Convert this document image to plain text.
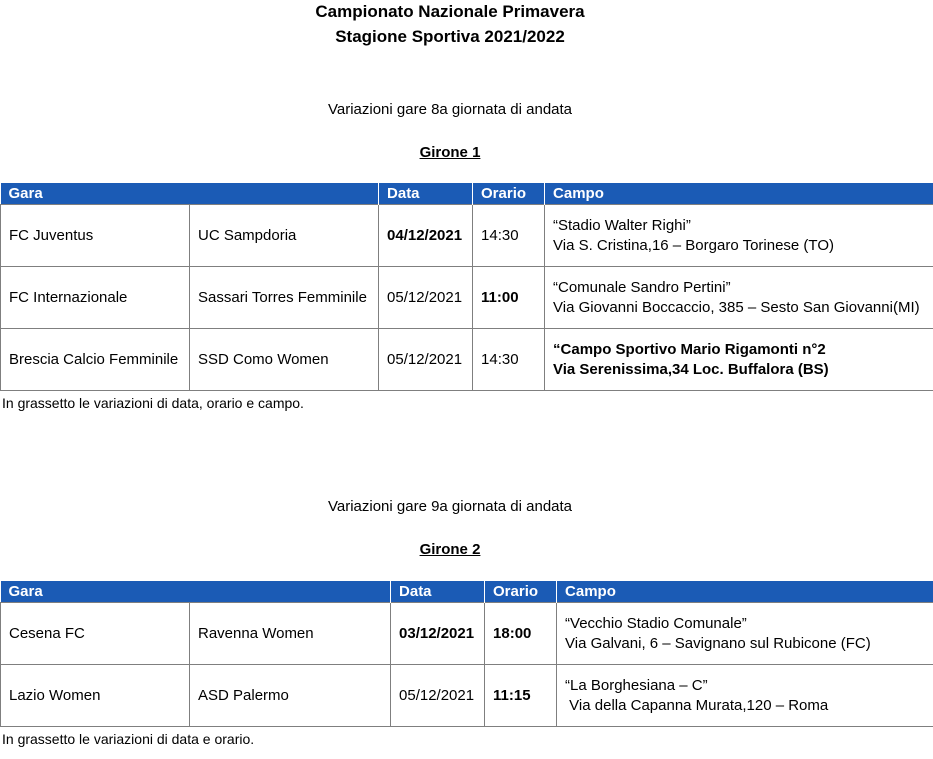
Campionato Nazionale Primavera
Stagione Sportiva 2021/2022
Variazioni gare 8a giornata di andata
Girone 1
Gara		Data	Orario	Campo
FC Juventus	UC Sampdoria	04/12/2021	14:30	“Stadio Walter Righi”
Via S. Cristina,16 – Borgaro Torinese (TO)

FC Internazionale	Sassari Torres Femminile	05/12/2021	11:00	“Comunale Sandro Pertini”
Via Giovanni Boccaccio, 385 – Sesto San Giovanni(MI)

Brescia Calcio Femminile	SSD Como Women	05/12/2021	14:30	“Campo Sportivo Mario Rigamonti n°2
Via Serenissima,34 Loc. Buffalora (BS)
In grassetto le variazioni di data, orario e campo.
Variazioni gare 9a giornata di andata
Girone 2
Gara		Data	Orario	Campo
Cesena FC	Ravenna Women	03/12/2021	18:00	“Vecchio Stadio Comunale”
Via Galvani, 6 – Savignano sul Rubicone (FC)

Lazio Women	ASD Palermo	05/12/2021	11:15	“La Borghesiana – C”
Via della Capanna Murata,120 – Roma
In grassetto le variazioni di data e orario.
